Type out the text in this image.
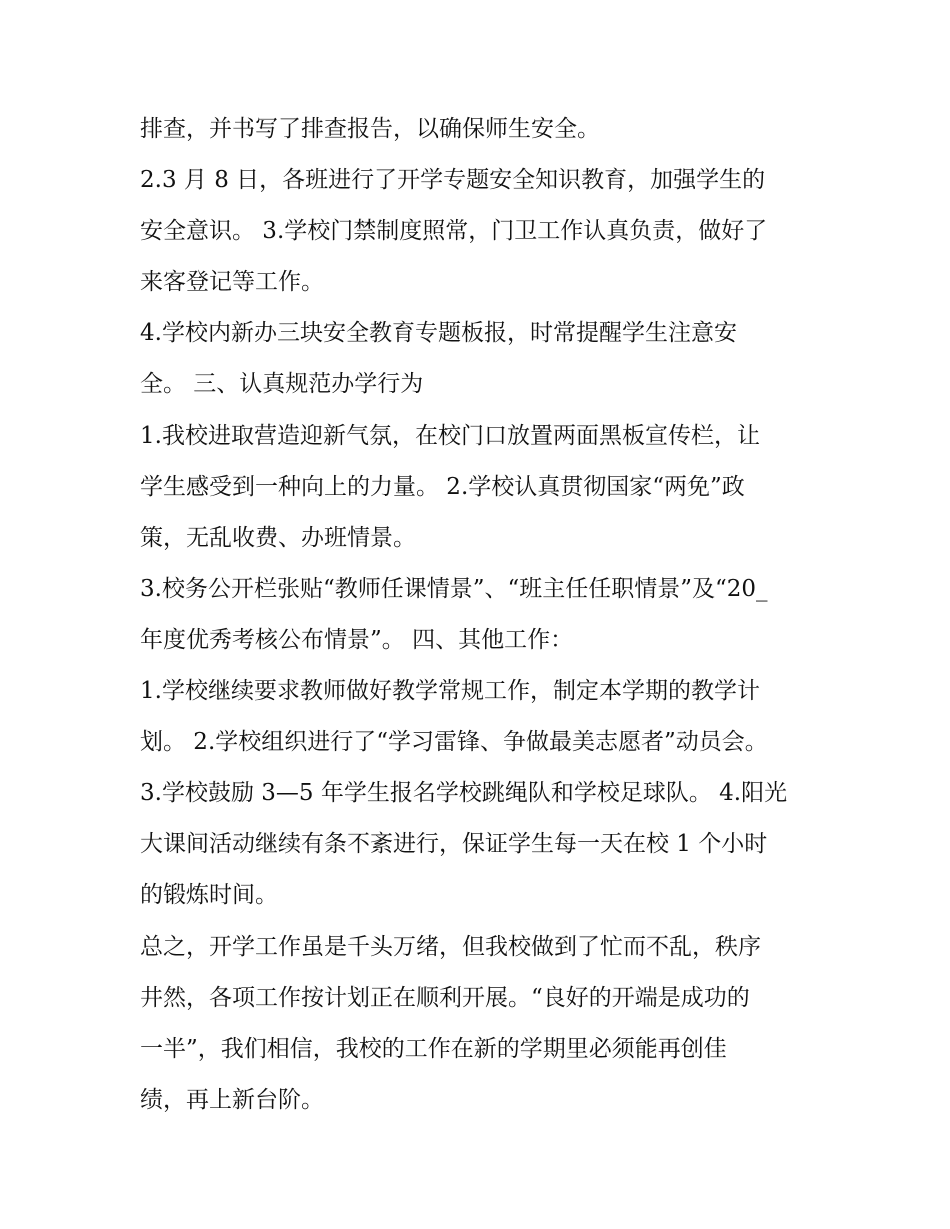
排查，并书写了排查报告，以确保师生安全。
2.3 月 8 日，各班进行了开学专题安全知识教育，加强学生的
安全意识。 3.学校门禁制度照常，门卫工作认真负责，做好了
来客登记等工作。
4.学校内新办三块安全教育专题板报，时常提醒学生注意安
全。 三、认真规范办学行为
1.我校进取营造迎新气氛，在校门口放置两面黑板宣传栏，让
学生感受到一种向上的力量。 2.学校认真贯彻国家“两免”政
策，无乱收费、办班情景。
3.校务公开栏张贴“教师任课情景”、“班主任任职情景”及“20_
年度优秀考核公布情景”。 四、其他工作：
1.学校继续要求教师做好教学常规工作，制定本学期的教学计
划。 2.学校组织进行了“学习雷锋、争做最美志愿者”动员会。
3.学校鼓励 3—5 年学生报名学校跳绳队和学校足球队。 4.阳光
大课间活动继续有条不紊进行，保证学生每一天在校 1 个小时
的锻炼时间。
总之，开学工作虽是千头万绪，但我校做到了忙而不乱，秩序
井然，各项工作按计划正在顺利开展。“良好的开端是成功的
一半”，我们相信，我校的工作在新的学期里必须能再创佳
绩，再上新台阶。
